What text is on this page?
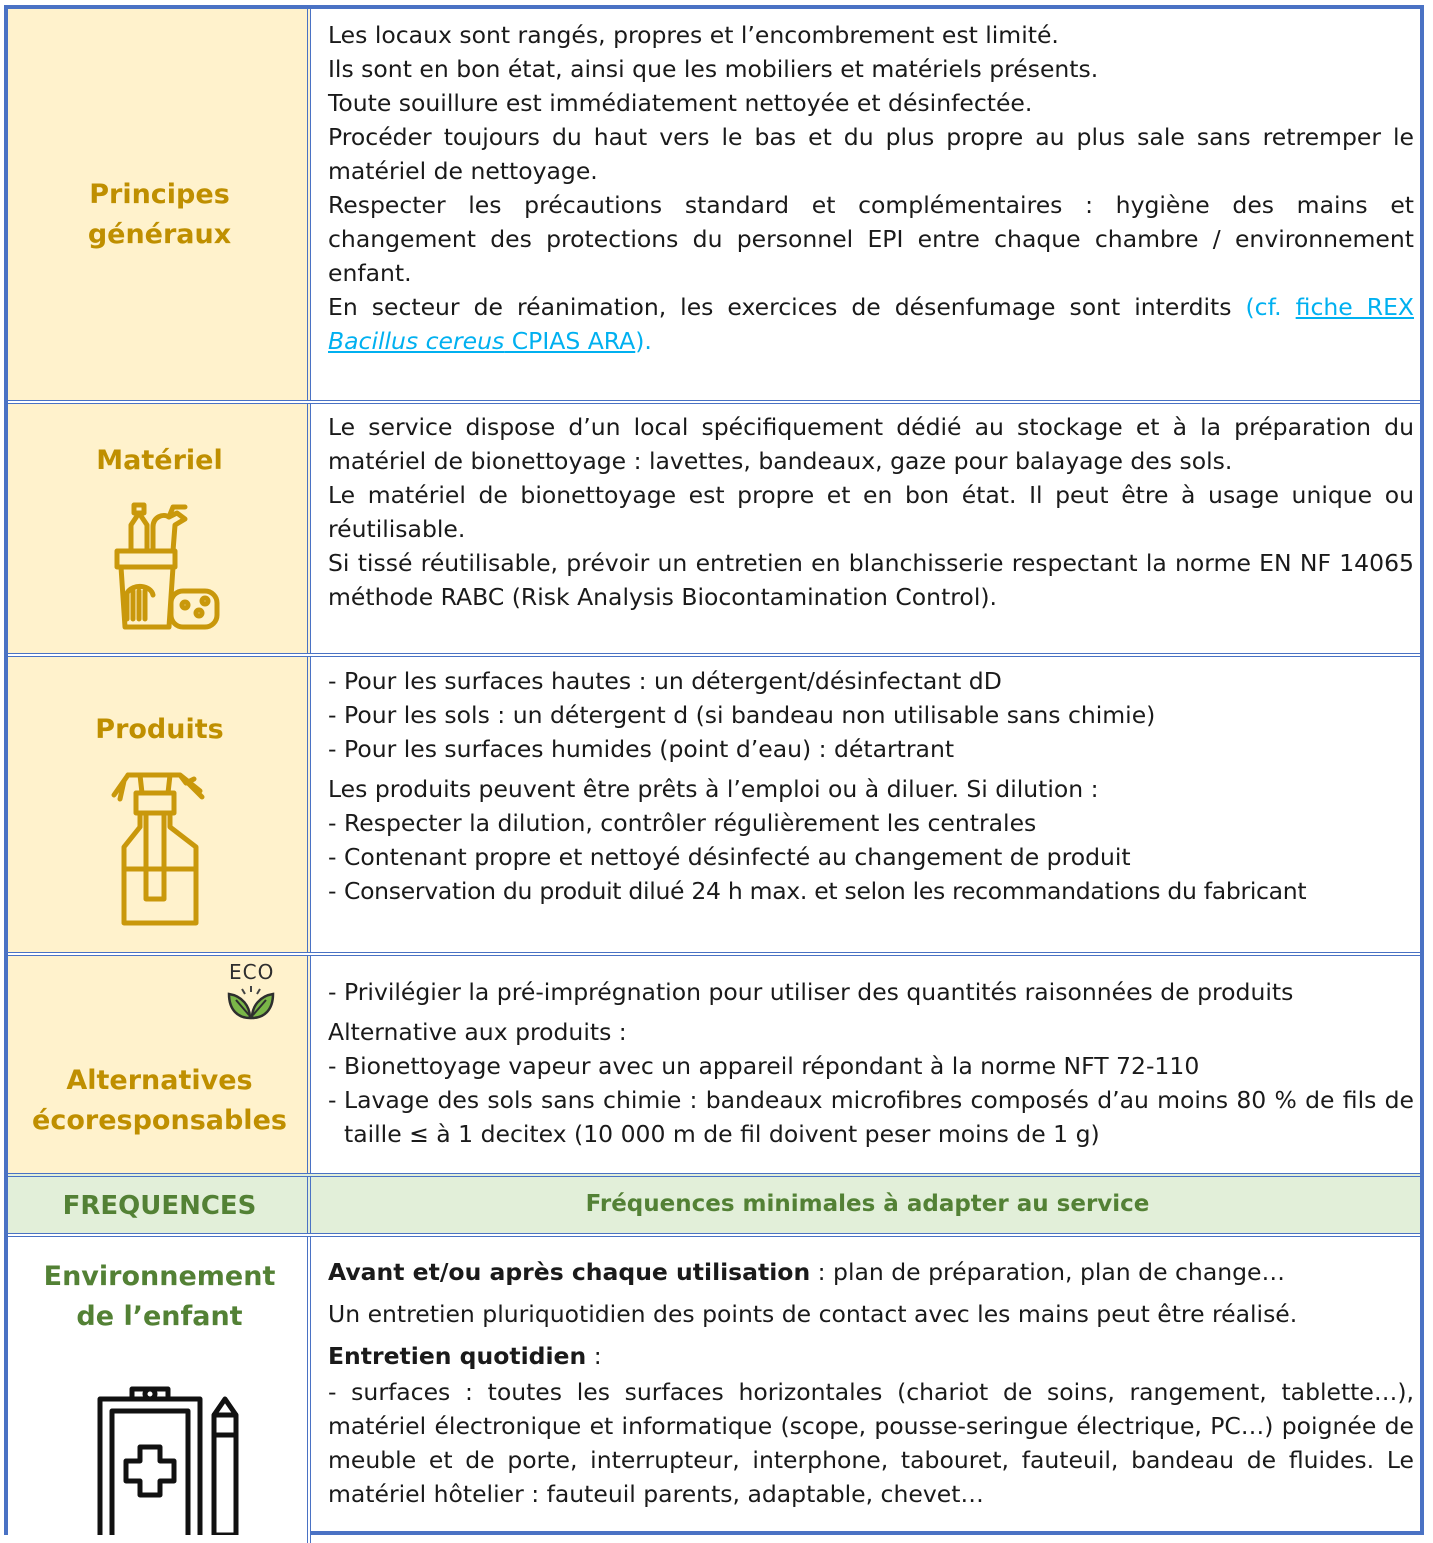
Principes
généraux

Les locaux sont rangés, propres et l’encombrement est limité.

Ils sont en bon état, ainsi que les mobiliers et matériels présents.

Toute souillure est immédiatement nettoyée et désinfectée.

Procéder toujours du haut vers le bas et du plus propre au plus sale sans retremper le matériel de nettoyage.

Respecter les précautions standard et complémentaires : hygiène des mains et changement des protections du personnel EPI entre chaque chambre / environnement enfant.

En secteur de réanimation, les exercices de désenfumage sont interdits (cf. fiche REX Bacillus cereus CPIAS ARA).

Matériel

Le service dispose d’un local spécifiquement dédié au stockage et à la préparation du matériel de bionettoyage : lavettes, bandeaux, gaze pour balayage des sols.

Le matériel de bionettoyage est propre et en bon état. Il peut être à usage unique ou réutilisable.

Si tissé réutilisable, prévoir un entretien en blanchisserie respectant la norme EN NF 14065 méthode RABC (Risk Analysis Biocontamination Control).

Produits

- Pour les surfaces hautes : un détergent/désinfectant dD

- Pour les sols : un détergent d (si bandeau non utilisable sans chimie)

- Pour les surfaces humides (point d’eau) : détartrant

Les produits peuvent être prêts à l’emploi ou à diluer. Si dilution :

- Respecter la dilution, contrôler régulièrement les centrales

- Contenant propre et nettoyé désinfecté au changement de produit

- Conservation du produit dilué 24 h max. et selon les recommandations du fabricant

ECO
Alternatives
écoresponsables

- Privilégier la pré-imprégnation pour utiliser des quantités raisonnées de produits

Alternative aux produits :

- Bionettoyage vapeur avec un appareil répondant à la norme NFT 72-110

- Lavage des sols sans chimie : bandeaux microfibres composés d’au moins 80 % de fils de taille ≤ à 1 decitex (10 000 m de fil doivent peser moins de 1 g)

FREQUENCES	Fréquences minimales à adapter au service
Environnement
de l’enfant

Avant et/ou après chaque utilisation : plan de préparation, plan de change…

Un entretien pluriquotidien des points de contact avec les mains peut être réalisé.

Entretien quotidien :

- surfaces : toutes les surfaces horizontales (chariot de soins, rangement, tablette…), matériel électronique et informatique (scope, pousse-seringue électrique, PC…) poignée de meuble et de porte, interrupteur, interphone, tabouret, fauteuil, bandeau de fluides. Le matériel hôtelier : fauteuil parents, adaptable, chevet…
